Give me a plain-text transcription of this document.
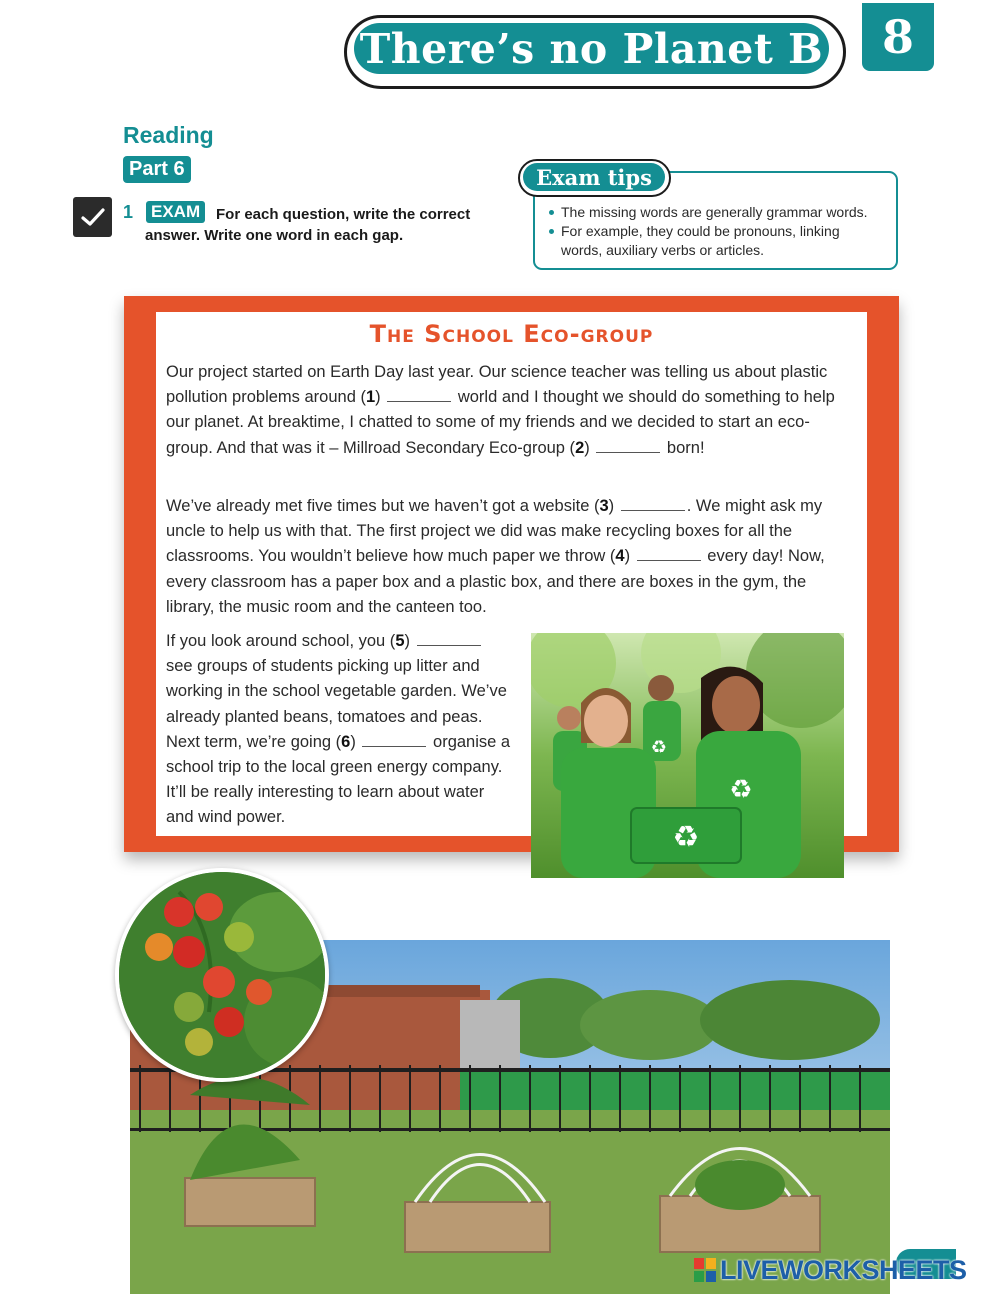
There’s no Planet B 8
Reading
Part 6
1	For each question, write the correct answer. Write one word in each gap.
EXAM
Exam tips
The missing words are generally grammar words.
For example, they could be pronouns, linking words, auxiliary verbs or articles.
The School Eco-group

Our project started on Earth Day last year. Our science teacher was telling us about plastic pollution problems around (1)	world and I thought we should do something to help our planet. At breaktime, I chatted to some of my friends and we decided to start an eco-group. And that was it – Millroad Secondary Eco-group (2)	born!

We’ve already met five times but we haven’t got a website (3)	. We might ask my uncle to help us with that. The first project we did was make recycling boxes for all the classrooms. You wouldn’t believe how much paper we throw (4)	every day! Now, every classroom has a paper box and a plastic box, and there are boxes in the gym, the library, the music room and the canteen too.

If you look around school, you (5)  see groups of students picking up litter and working in the school vegetable garden. We’ve already planted beans, tomatoes and peas. Next term, we’re going (6)	organise a school trip to the local green energy company. It’ll be really interesting to learn about water and wind power.

♻
♻
♻
LIVEWORKSHEETS
